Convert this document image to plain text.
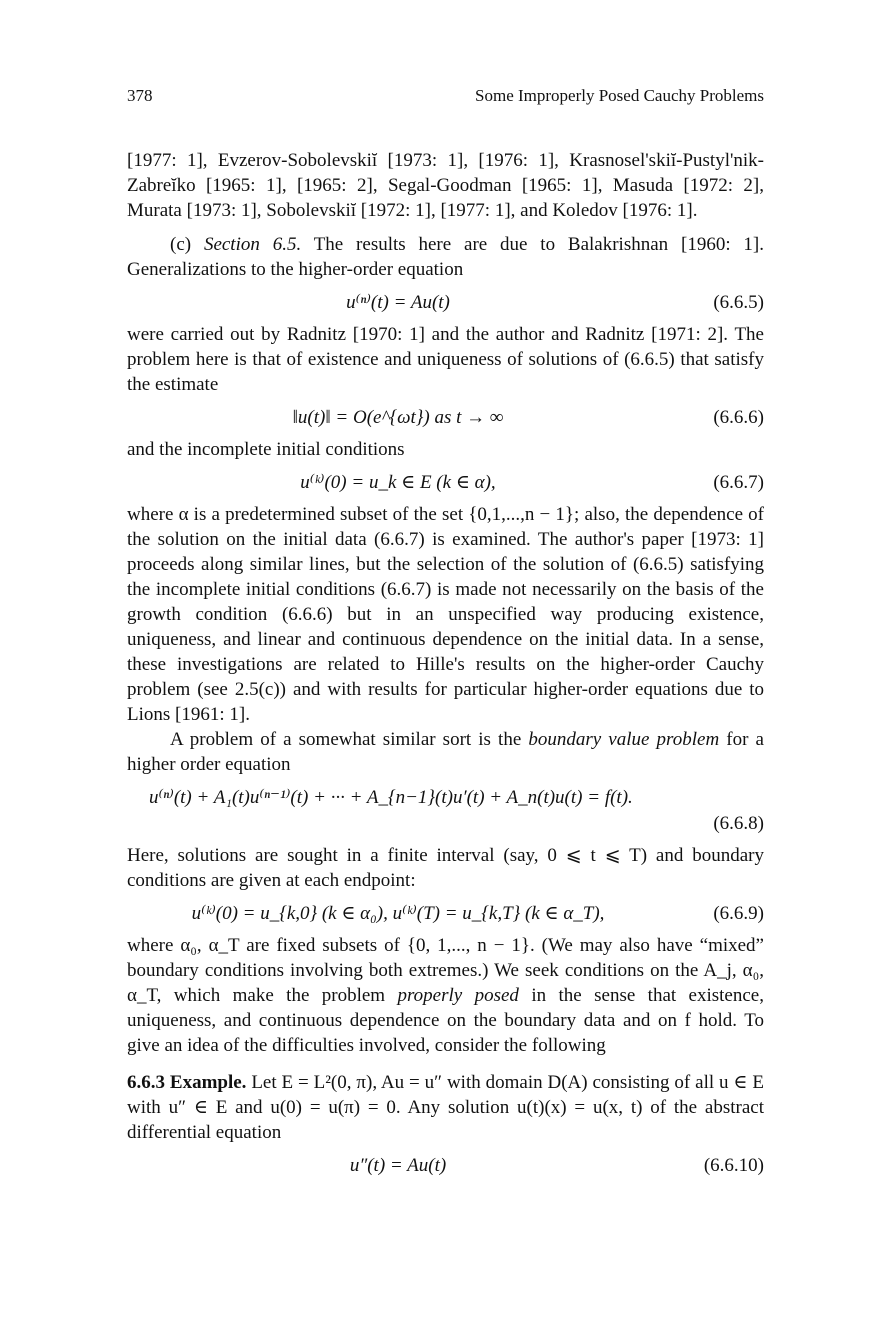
378	Some Improperly Posed Cauchy Problems

[1977: 1], Evzerov-Sobolevskiĭ [1973: 1], [1976: 1], Krasnosel'skiĭ-Pustyl'nik-Zabreĭko [1965: 1], [1965: 2], Segal-Goodman [1965: 1], Masuda [1972: 2], Murata [1973: 1], Sobolevskiĭ [1972: 1], [1977: 1], and Koledov [1976: 1].

(c) Section 6.5. The results here are due to Balakrishnan [1960: 1]. Generalizations to the higher-order equation

u⁽ⁿ⁾(t) = Au(t)	(6.6.5)

were carried out by Radnitz [1970: 1] and the author and Radnitz [1971: 2]. The problem here is that of existence and uniqueness of solutions of (6.6.5) that satisfy the estimate

‖u(t)‖ = O(e^{ωt}) as t → ∞	(6.6.6)

and the incomplete initial conditions

u⁽ᵏ⁾(0) = u_k ∈ E (k ∈ α),	(6.6.7)

where α is a predetermined subset of the set {0,1,...,n − 1}; also, the dependence of the solution on the initial data (6.6.7) is examined. The author's paper [1973: 1] proceeds along similar lines, but the selection of the solution of (6.6.5) satisfying the incomplete initial conditions (6.6.7) is made not necessarily on the basis of the growth condition (6.6.6) but in an unspecified way producing existence, uniqueness, and linear and continuous dependence on the initial data. In a sense, these investigations are related to Hille's results on the higher-order Cauchy problem (see 2.5(c)) and with results for particular higher-order equations due to Lions [1961: 1].

A problem of a somewhat similar sort is the boundary value problem for a higher order equation

u⁽ⁿ⁾(t) + A₁(t)u⁽ⁿ⁻¹⁾(t) + ··· + A_{n−1}(t)u′(t) + A_n(t)u(t) = f(t).
(6.6.8)

Here, solutions are sought in a finite interval (say, 0 ⩽ t ⩽ T) and boundary conditions are given at each endpoint:

u⁽ᵏ⁾(0) = u_{k,0} (k ∈ α₀), u⁽ᵏ⁾(T) = u_{k,T} (k ∈ α_T),	(6.6.9)

where α₀, α_T are fixed subsets of {0, 1,..., n − 1}. (We may also have “mixed” boundary conditions involving both extremes.) We seek conditions on the A_j, α₀, α_T, which make the problem properly posed in the sense that existence, uniqueness, and continuous dependence on the boundary data and on f hold. To give an idea of the difficulties involved, consider the following

6.6.3 Example. Let E = L²(0, π), Au = u″ with domain D(A) consisting of all u ∈ E with u″ ∈ E and u(0) = u(π) = 0. Any solution u(t)(x) = u(x, t) of the abstract differential equation

u″(t) = Au(t)	(6.6.10)
